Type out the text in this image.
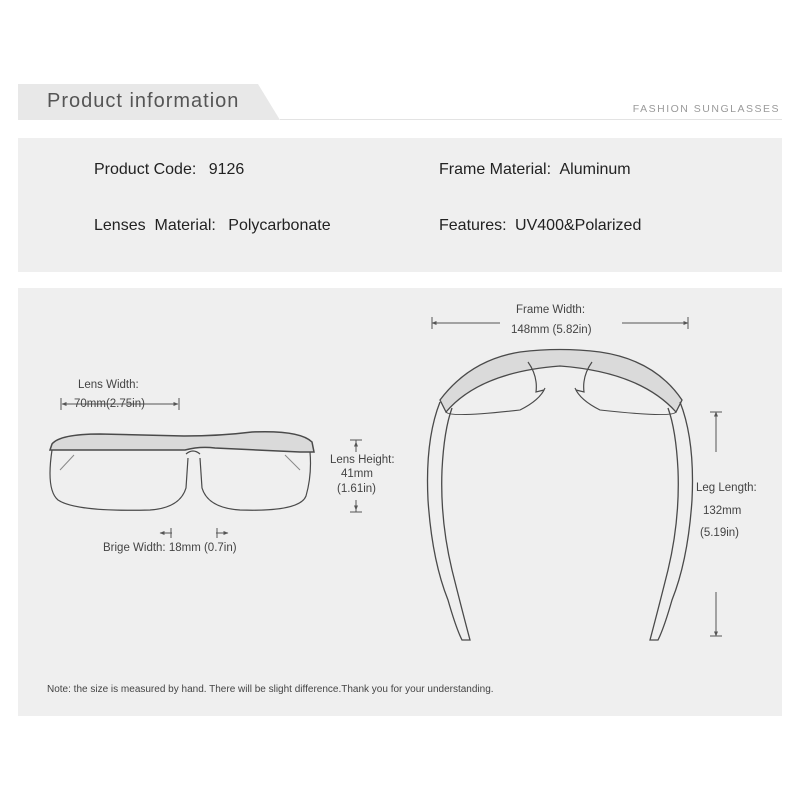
Product information	FASHION SUNGLASSES
Product Code: 9126	Frame Material: Aluminum
Lenses  Material: Polycarbonate	Features: UV400&Polarized
Lens Width:
70mm(2.75in)
Lens Height:
41mm
(1.61in)
Brige Width: 18mm (0.7in)
Frame Width:
148mm (5.82in)
Leg Length:
132mm
(5.19in)
Note: the size is measured by hand. There will be slight difference.Thank you for your understanding.
